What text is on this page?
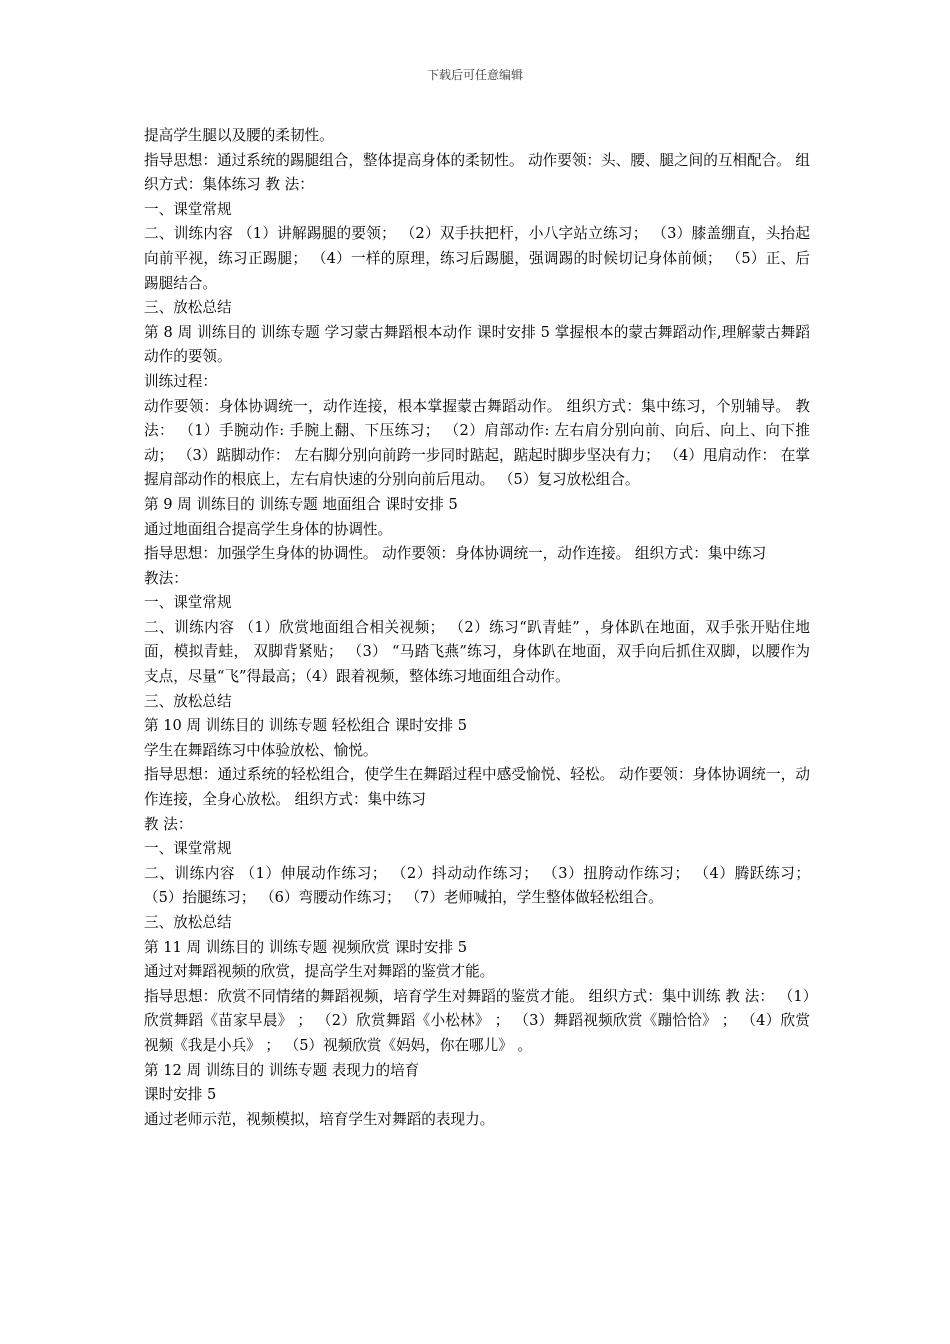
下载后可任意编辑

提高学生腿以及腰的柔韧性。

指导思想：通过系统的踢腿组合，整体提高身体的柔韧性。 动作要领：头、腰、腿之间的互相配合。 组织方式：集体练习 教 法：

一、课堂常规

二、训练内容 （1）讲解踢腿的要领； （2）双手扶把杆，小八字站立练习； （3）膝盖绷直，头抬起向前平视，练习正踢腿； （4）一样的原理，练习后踢腿，强调踢的时候切记身体前倾； （5）正、后踢腿结合。

三、放松总结

第 8 周 训练目的 训练专题 学习蒙古舞蹈根本动作 课时安排 5 掌握根本的蒙古舞蹈动作,理解蒙古舞蹈动作的要领。

训练过程：

动作要领：身体协调统一，动作连接，根本掌握蒙古舞蹈动作。 组织方式：集中练习，个别辅导。 教法： （1）手腕动作: 手腕上翻、下压练习； （2）肩部动作: 左右肩分别向前、向后、向上、向下推动； （3）踮脚动作： 左右脚分别向前跨一步同时踮起，踮起时脚步坚决有力； （4）甩肩动作： 在掌握肩部动作的根底上，左右肩快速的分别向前后甩动。 （5）复习放松组合。

第 9 周 训练目的 训练专题 地面组合 课时安排 5

通过地面组合提高学生身体的协调性。

指导思想：加强学生身体的协调性。 动作要领：身体协调统一，动作连接。 组织方式：集中练习

教法：

一、课堂常规

二、训练内容 （1）欣赏地面组合相关视频； （2）练习“趴青蛙” ，身体趴在地面，双手张开贴住地面，模拟青蛙， 双脚背紧贴； （3） “马踏飞燕”练习，身体趴在地面，双手向后抓住双脚，以腰作为 支点，尽量“飞”得最高；（4）跟着视频，整体练习地面组合动作。

三、放松总结

第 10 周 训练目的 训练专题 轻松组合 课时安排 5

学生在舞蹈练习中体验放松、愉悦。

指导思想：通过系统的轻松组合，使学生在舞蹈过程中感受愉悦、轻松。 动作要领：身体协调统一，动作连接，全身心放松。 组织方式：集中练习

教 法：

一、课堂常规

二、训练内容 （1）伸展动作练习； （2）抖动动作练习； （3）扭胯动作练习； （4）腾跃练习； （5）抬腿练习； （6）弯腰动作练习； （7）老师喊拍，学生整体做轻松组合。

三、放松总结

第 11 周 训练目的 训练专题 视频欣赏 课时安排 5

通过对舞蹈视频的欣赏，提高学生对舞蹈的鉴赏才能。

指导思想：欣赏不同情绪的舞蹈视频，培育学生对舞蹈的鉴赏才能。 组织方式：集中训练 教 法： （1）欣赏舞蹈《苗家早晨》 ； （2）欣赏舞蹈《小松林》 ； （3）舞蹈视频欣赏《蹦恰恰》 ； （4）欣赏视频《我是小兵》 ； （5）视频欣赏《妈妈，你在哪儿》 。

第 12 周 训练目的 训练专题 表现力的培育

课时安排 5

通过老师示范，视频模拟，培育学生对舞蹈的表现力。
